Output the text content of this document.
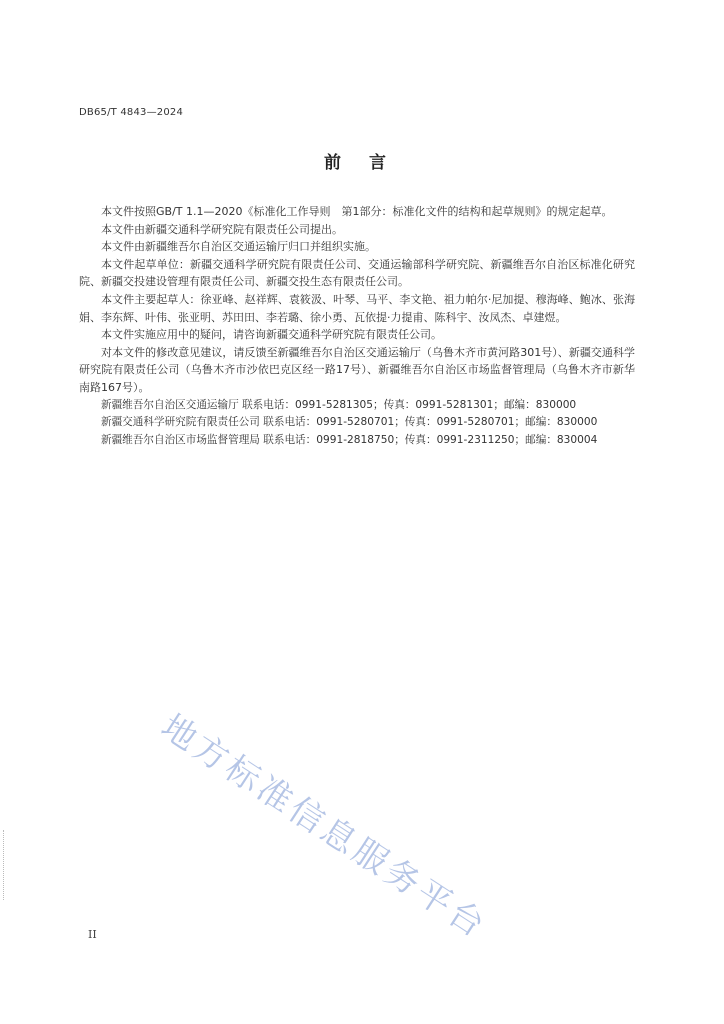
DB65/T 4843—2024
前言

本文件按照GB/T 1.1—2020《标准化工作导则　第1部分：标准化文件的结构和起草规则》的规定起草。

本文件由新疆交通科学研究院有限责任公司提出。

本文件由新疆维吾尔自治区交通运输厅归口并组织实施。

本文件起草单位：新疆交通科学研究院有限责任公司、交通运输部科学研究院、新疆维吾尔自治区标准化研究院、新疆交投建设管理有限责任公司、新疆交投生态有限责任公司。

本文件主要起草人：徐亚峰、赵祥辉、袁筱汲、叶琴、马平、李文艳、祖力帕尔·尼加提、穆海峰、鲍冰、张海娟、李东辉、叶伟、张亚明、苏田田、李若璐、徐小勇、瓦依提·力提甫、陈科宇、汝凤杰、卓建煜。

本文件实施应用中的疑问，请咨询新疆交通科学研究院有限责任公司。

对本文件的修改意见建议，请反馈至新疆维吾尔自治区交通运输厅（乌鲁木齐市黄河路301号）、新疆交通科学研究院有限责任公司（乌鲁木齐市沙依巴克区经一路17号）、新疆维吾尔自治区市场监督管理局（乌鲁木齐市新华南路167号）。

新疆维吾尔自治区交通运输厅 联系电话：0991-5281305；传真：0991-5281301；邮编：830000

新疆交通科学研究院有限责任公司 联系电话：0991-5280701；传真：0991-5280701；邮编：830000

新疆维吾尔自治区市场监督管理局 联系电话：0991-2818750；传真：0991-2311250；邮编：830004

地方标准信息服务平台
II
